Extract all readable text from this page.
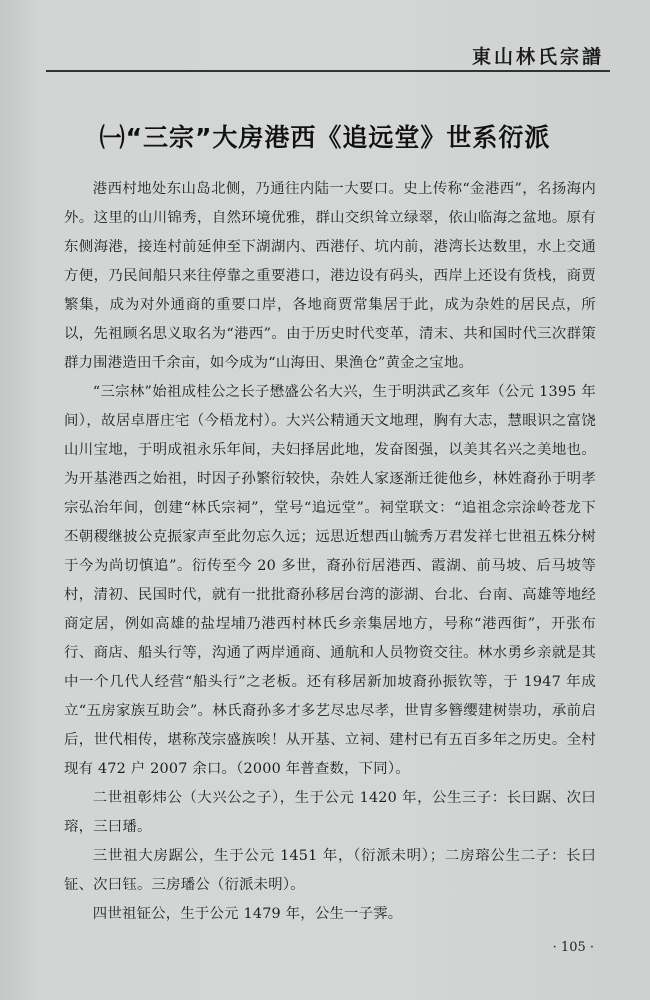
東山林氏宗譜
㈠“三宗”大房港西《追远堂》世系衍派

港西村地处东山岛北侧，乃通往内陆一大要口。史上传称“金港西”，名扬海内外。这里的山川锦秀，自然环境优雅，群山交织耸立绿翠，依山临海之盆地。原有东侧海港，接连村前延伸至下湖湖内、西港仔、坑内前，港湾长达数里，水上交通方便，乃民间船只来往停靠之重要港口，港边设有码头，西岸上还设有货栈，商贾繁集，成为对外通商的重要口岸，各地商贾常集居于此，成为杂姓的居民点，所以，先祖顾名思义取名为“港西”。由于历史时代变革，清末、共和国时代三次群策群力围港造田千余亩，如今成为“山海田、果渔仓”黄金之宝地。

“三宗林”始祖成桂公之长子懋盛公名大兴，生于明洪武乙亥年（公元 1395 年间），故居卓厝庄宅（今梧龙村）。大兴公精通天文地理，胸有大志，慧眼识之富饶山川宝地，于明成祖永乐年间，夫妇择居此地，发奋图强，以美其名兴之美地也。为开基港西之始祖，时因子孙繁衍较快，杂姓人家逐渐迁徙他乡，林姓裔孙于明孝宗弘治年间，创建“林氏宗祠”，堂号“追远堂”。祠堂联文：“追祖念宗涂岭苍龙下丕朝稷继披公克振家声至此勿忘久远；远思近想西山毓秀万君发祥七世祖五株分树于今为尚切慎追”。衍传至今 20 多世，裔孙衍居港西、霞湖、前马坡、后马坡等村，清初、民国时代，就有一批批裔孙移居台湾的澎湖、台北、台南、高雄等地经商定居，例如高雄的盐埕埔乃港西村林氏乡亲集居地方，号称“港西街”，开张布行、商店、船头行等，沟通了两岸通商、通航和人员物资交往。林水勇乡亲就是其中一个几代人经营“船头行”之老板。还有移居新加坡裔孙振钦等，于 1947 年成立“五房家族互助会”。林氏裔孙多才多艺尽忠尽孝，世胄多簪缨建树崇功，承前启后，世代相传，堪称茂宗盛族唉！从开基、立祠、建村已有五百多年之历史。全村现有 472 户 2007 余口。（2000 年普查数，下同）。

二世祖彰炜公（大兴公之子），生于公元 1420 年，公生三子：长曰踞、次曰瑢，三曰璠。

三世祖大房踞公，生于公元 1451 年，（衍派未明）；二房瑢公生二子：长曰钲、次曰钰。三房璠公（衍派未明）。

四世祖钲公，生于公元 1479 年，公生一子霁。

· 105 ·
